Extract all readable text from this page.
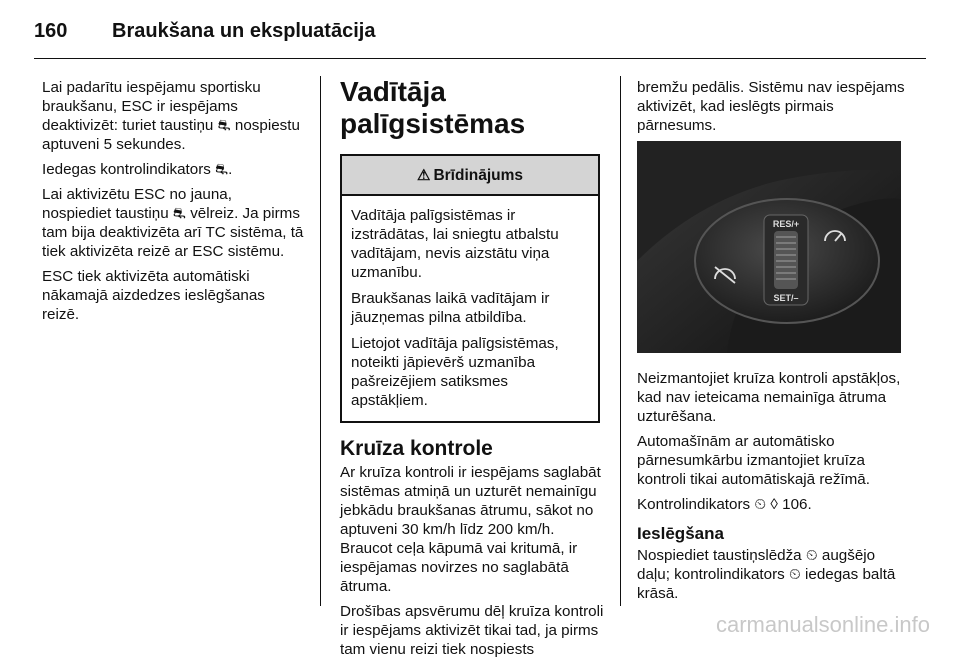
160 Braukšana un ekspluatācija

Lai padarītu iespējamu sportisku braukšanu, ESC ir iespējams deaktivizēt: turiet taustiņu ⛐ nospiestu aptuveni 5 sekundes.

Iedegas kontrolindikators ⛐.

Lai aktivizētu ESC no jauna, nospiediet taustiņu ⛐ vēlreiz. Ja pirms tam bija deaktivizēta arī TC sistēma, tā tiek aktivizēta reizē ar ESC sistēmu.

ESC tiek aktivizēta automātiski nākamajā aizdedzes ieslēgšanas reizē.

Vadītāja palīgsistēmas
⚠ Brīdinājums

Vadītāja palīgsistēmas ir izstrādātas, lai sniegtu atbalstu vadītājam, nevis aizstātu viņa uzmanību.

Braukšanas laikā vadītājam ir jāuzņemas pilna atbildība.

Lietojot vadītāja palīgsistēmas, noteikti jāpievērš uzmanība pašreizējiem satiksmes apstākļiem.

Kruīza kontrole

Ar kruīza kontroli ir iespējams saglabāt sistēmas atmiņā un uzturēt nemainīgu jebkādu braukšanas ātrumu, sākot no aptuveni 30 km/h līdz 200 km/h. Braucot ceļa kāpumā vai kritumā, ir iespējamas novirzes no saglabātā ātruma.

Drošības apsvērumu dēļ kruīza kontroli ir iespējams aktivizēt tikai tad, ja pirms tam vienu reizi tiek nospiests

bremžu pedālis. Sistēmu nav iespējams aktivizēt, kad ieslēgts pirmais pārnesums.

RES/+
SET/–

Neizmantojiet kruīza kontroli apstākļos, kad nav ieteicama nemainīga ātruma uzturēšana.

Automašīnām ar automātisko pārnesumkārbu izmantojiet kruīza kontroli tikai automātiskajā režīmā.

Kontrolindikators ⏲ ◊ 106.

Ieslēgšana

Nospiediet taustiņslēdža ⏲ augšējo daļu; kontrolindikators ⏲ iedegas baltā krāsā.

carmanualsonline.info
